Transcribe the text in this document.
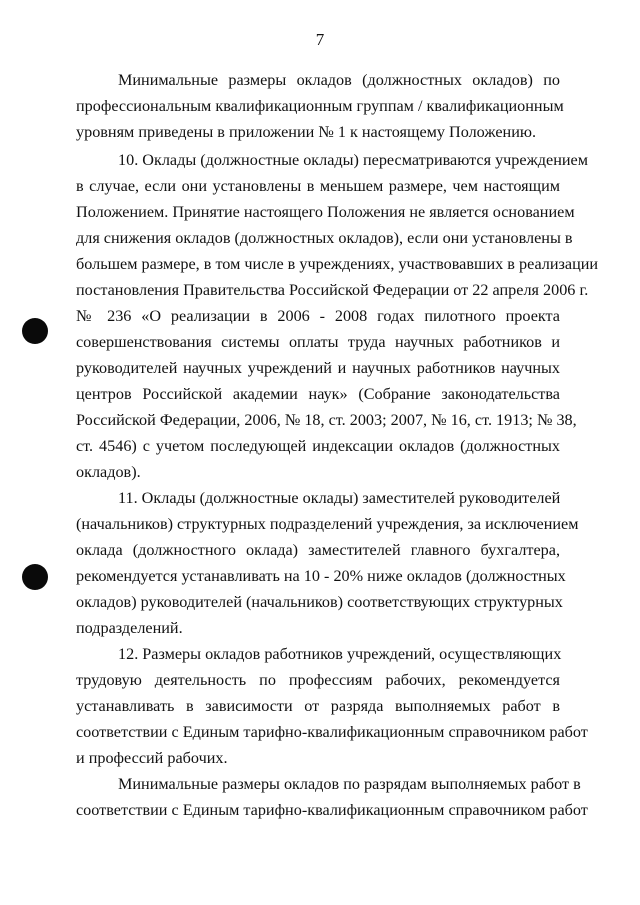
7
Минимальные размеры окладов (должностных окладов) по
профессиональным квалификационным группам / квалификационным
уровням приведены в приложении № 1 к настоящему Положению.
10. Оклады (должностные оклады) пересматриваются учреждением
в случае, если они установлены в меньшем размере, чем настоящим
Положением. Принятие настоящего Положения не является основанием
для снижения окладов (должностных окладов), если они установлены в
большем размере, в том числе в учреждениях, участвовавших в реализации
постановления Правительства Российской Федерации от 22 апреля 2006 г.
№ 236 «О реализации в 2006 - 2008 годах пилотного проекта
совершенствования системы оплаты труда научных работников и
руководителей научных учреждений и научных работников научных
центров Российской академии наук» (Собрание законодательства
Российской Федерации, 2006, № 18, ст. 2003; 2007, № 16, ст. 1913; № 38,
ст. 4546) с учетом последующей индексации окладов (должностных
окладов).
11. Оклады (должностные оклады) заместителей руководителей
(начальников) структурных подразделений учреждения, за исключением
оклада (должностного оклада) заместителей главного бухгалтера,
рекомендуется устанавливать на 10 - 20% ниже окладов (должностных
окладов) руководителей (начальников) соответствующих структурных
подразделений.
12. Размеры окладов работников учреждений, осуществляющих
трудовую деятельность по профессиям рабочих, рекомендуется
устанавливать в зависимости от разряда выполняемых работ в
соответствии с Единым тарифно-квалификационным справочником работ
и профессий рабочих.
Минимальные размеры окладов по разрядам выполняемых работ в
соответствии с Единым тарифно-квалификационным справочником работ
